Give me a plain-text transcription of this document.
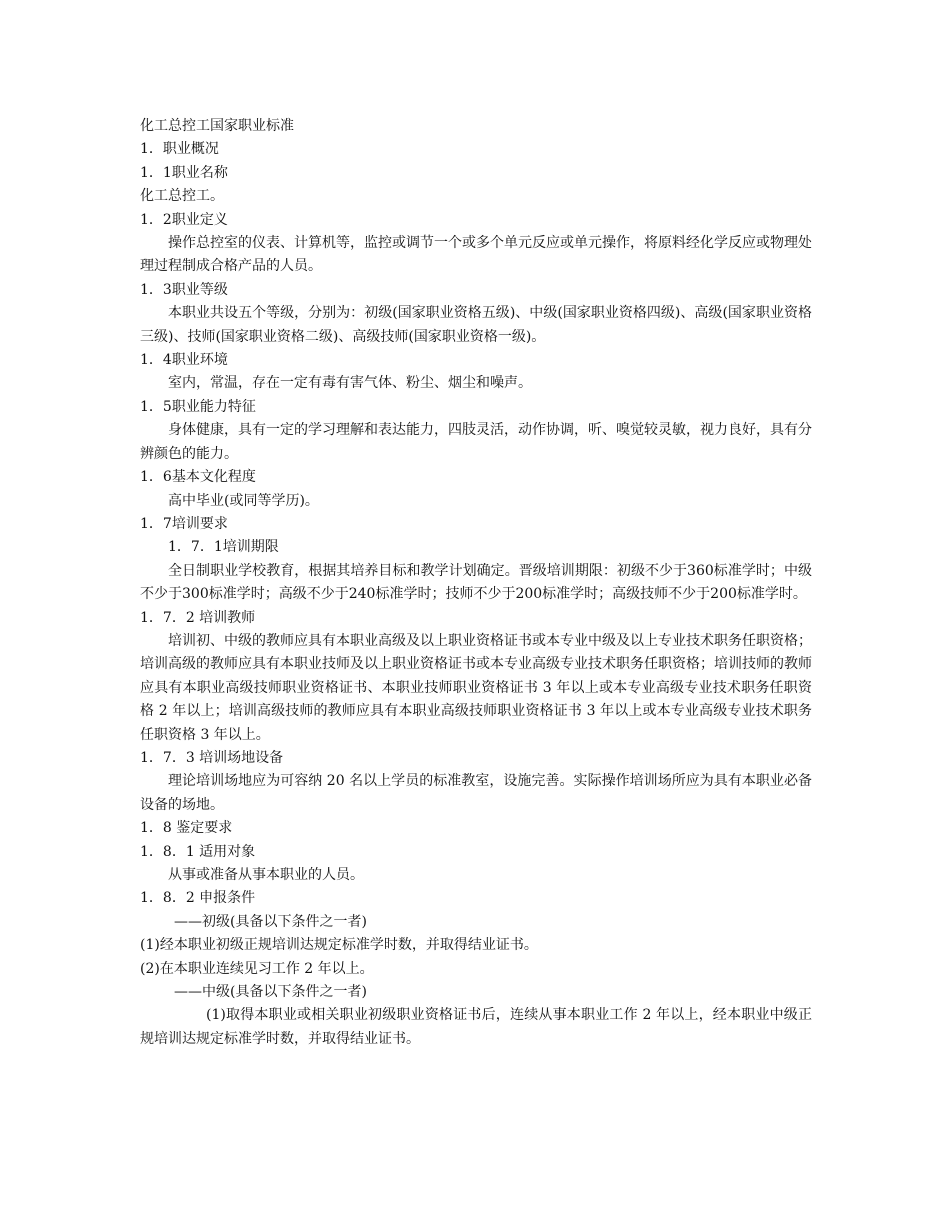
化工总控工国家职业标准
1．职业概况
1．1职业名称
化工总控工。
1．2职业定义

操作总控室的仪表、计算机等，监控或调节一个或多个单元反应或单元操作，将原料经化学反应或物理处理过程制成合格产品的人员。

1．3职业等级

本职业共设五个等级，分别为：初级(国家职业资格五级)、中级(国家职业资格四级)、高级(国家职业资格三级)、技师(国家职业资格二级)、高级技师(国家职业资格一级)。

1．4职业环境

室内，常温，存在一定有毒有害气体、粉尘、烟尘和噪声。

1．5职业能力特征

身体健康，具有一定的学习理解和表达能力，四肢灵活，动作协调，听、嗅觉较灵敏，视力良好，具有分辨颜色的能力。

1．6基本文化程度

高中毕业(或同等学历)。

1．7培训要求
1．7．1培训期限

全日制职业学校教育，根据其培养目标和教学计划确定。晋级培训期限：初级不少于360标准学时；中级不少于300标准学时；高级不少于240标准学时；技师不少于200标准学时；高级技师不少于200标准学时。

1．7．2 培训教师

培训初、中级的教师应具有本职业高级及以上职业资格证书或本专业中级及以上专业技术职务任职资格；培训高级的教师应具有本职业技师及以上职业资格证书或本专业高级专业技术职务任职资格；培训技师的教师应具有本职业高级技师职业资格证书、本职业技师职业资格证书 3 年以上或本专业高级专业技术职务任职资格 2 年以上；培训高级技师的教师应具有本职业高级技师职业资格证书 3 年以上或本专业高级专业技术职务任职资格 3 年以上。

1．7．3 培训场地设备

理论培训场地应为可容纳 20 名以上学员的标准教室，设施完善。实际操作培训场所应为具有本职业必备设备的场地。

1．8 鉴定要求
1．8．1 适用对象

从事或准备从事本职业的人员。

1．8．2 申报条件
——初级(具备以下条件之一者)
(1)经本职业初级正规培训达规定标准学时数，并取得结业证书。
(2)在本职业连续见习工作 2 年以上。
——中级(具备以下条件之一者)

(1)取得本职业或相关职业初级职业资格证书后，连续从事本职业工作 2 年以上，经本职业中级正规培训达规定标准学时数，并取得结业证书。
